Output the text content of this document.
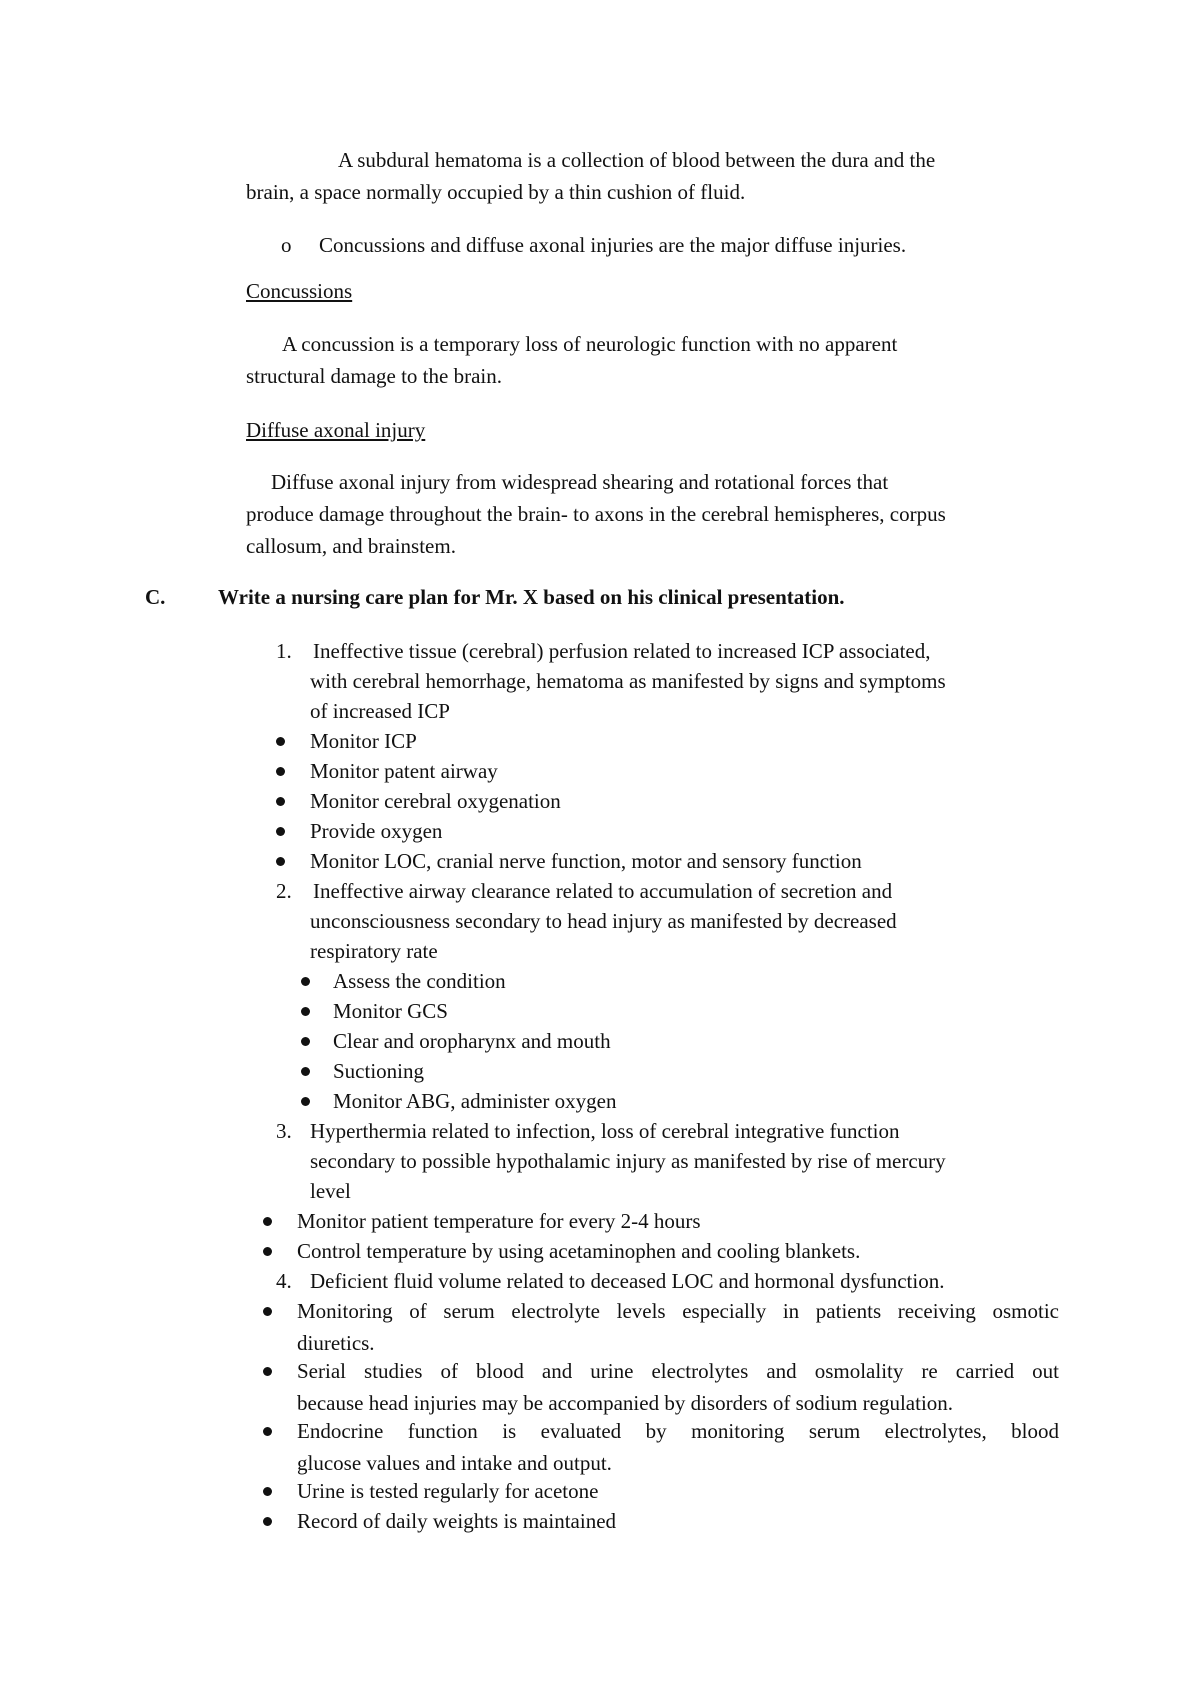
A subdural hematoma is a collection of blood between the dura and the
brain, a space normally occupied by a thin cushion of fluid.
o Concussions and diffuse axonal injuries are the major diffuse injuries.
Concussions
A concussion is a temporary loss of neurologic function with no apparent
structural damage to the brain.
Diffuse axonal injury
Diffuse axonal injury from widespread shearing and rotational forces that
produce damage throughout the brain- to axons in the cerebral hemispheres, corpus
callosum, and brainstem.
C.	Write a nursing care plan for Mr. X based on his clinical presentation.
1. Ineffective tissue (cerebral) perfusion related to increased ICP associated,
with cerebral hemorrhage, hematoma as manifested by signs and symptoms
of increased ICP
Monitor ICP
Monitor patent airway
Monitor cerebral oxygenation
Provide oxygen
Monitor LOC, cranial nerve function, motor and sensory function
2. Ineffective airway clearance related to accumulation of secretion and
unconsciousness secondary to head injury as manifested by decreased
respiratory rate
Assess the condition
Monitor GCS
Clear and oropharynx and mouth
Suctioning
Monitor ABG, administer oxygen
3. Hyperthermia related to infection, loss of cerebral integrative function
secondary to possible hypothalamic injury as manifested by rise of mercury
level
Monitor patient temperature for every 2-4 hours
Control temperature by using acetaminophen and cooling blankets.
4. Deficient fluid volume related to deceased LOC and hormonal dysfunction.
Monitoring of serum electrolyte levels especially in patients receiving osmotic
diuretics.
Serial studies of blood and urine electrolytes and osmolality re carried out
because head injuries may be accompanied by disorders of sodium regulation.
Endocrine function is evaluated by monitoring serum electrolytes, blood
glucose values and intake and output.
Urine is tested regularly for acetone
Record of daily weights is maintained
